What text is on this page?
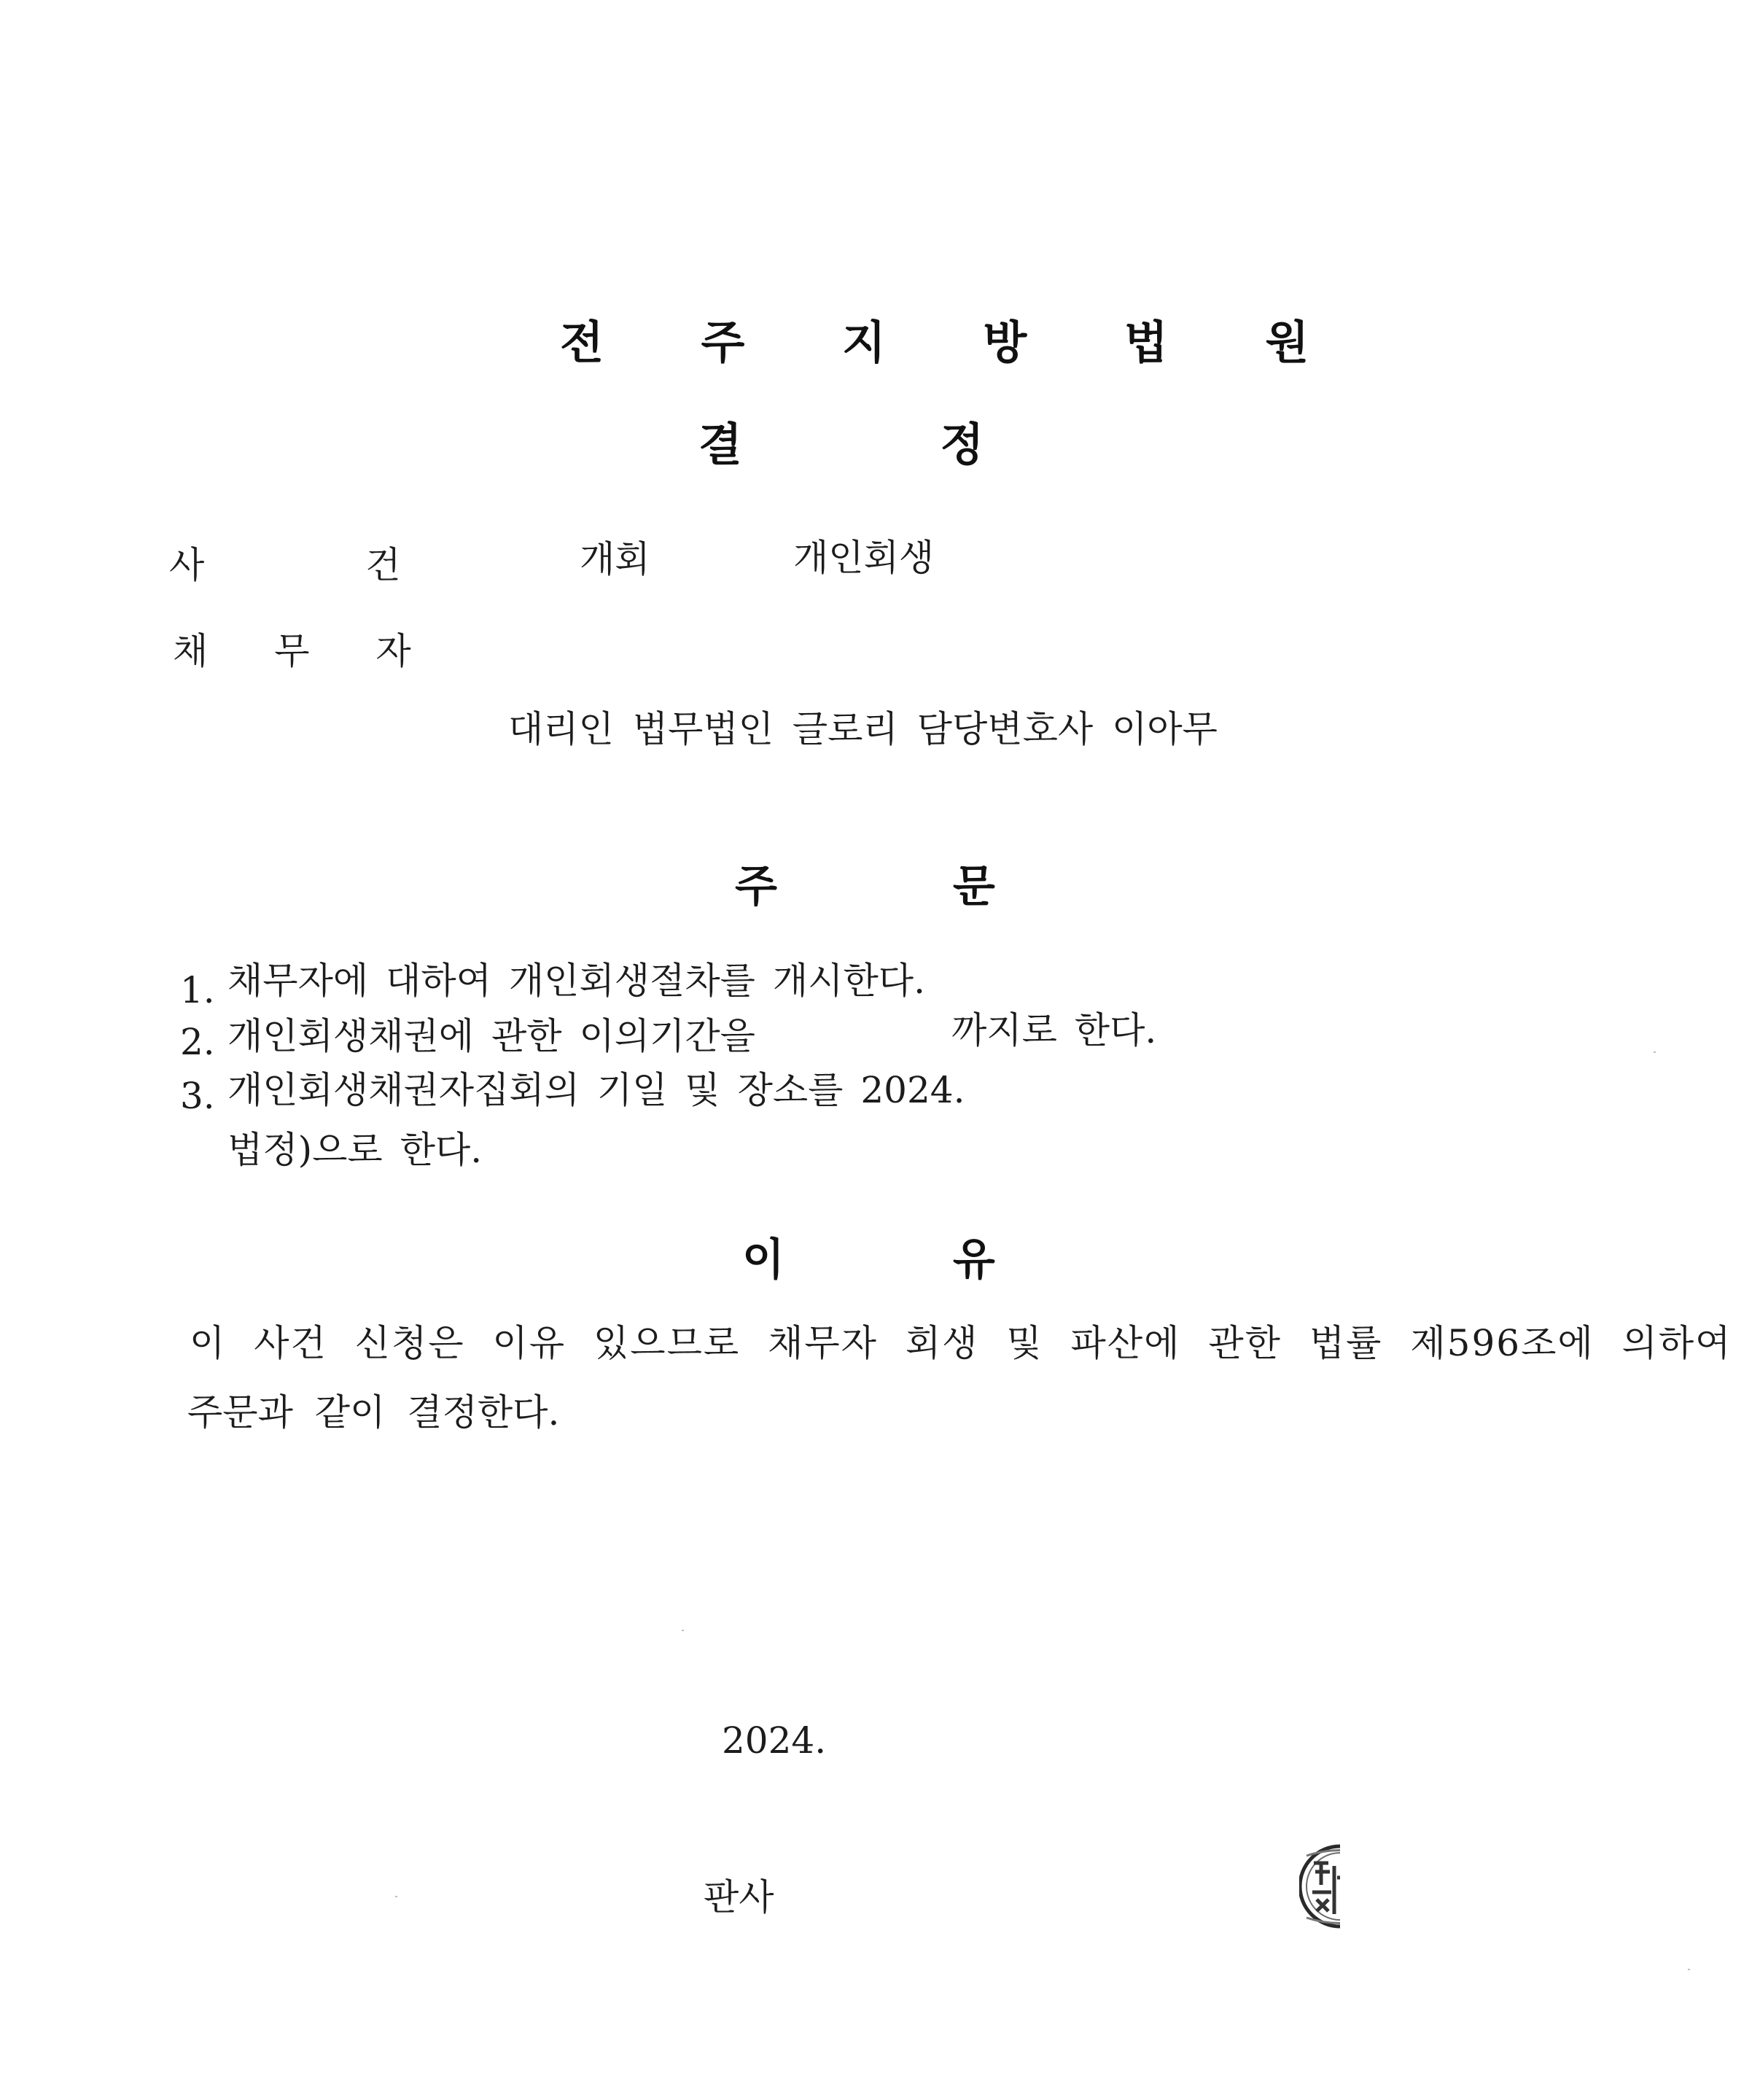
전 주 지 방 법 원
결 정
사 건	개회	개인회생
채 무 자
대리인 법무법인 글로리 담당변호사 이아무
주 문
1. 채무자에 대하여 개인회생절차를 개시한다.
2. 개인회생채권에 관한 이의기간을	까지로 한다.
3. 개인회생채권자집회의 기일 및 장소를 2024.
법정)으로 한다.
이 유
이 사건 신청은 이유 있으므로 채무자 회생 및 파산에 관한 법률 제596조에 의하여
주문과 같이 결정한다.
2024.
판사
